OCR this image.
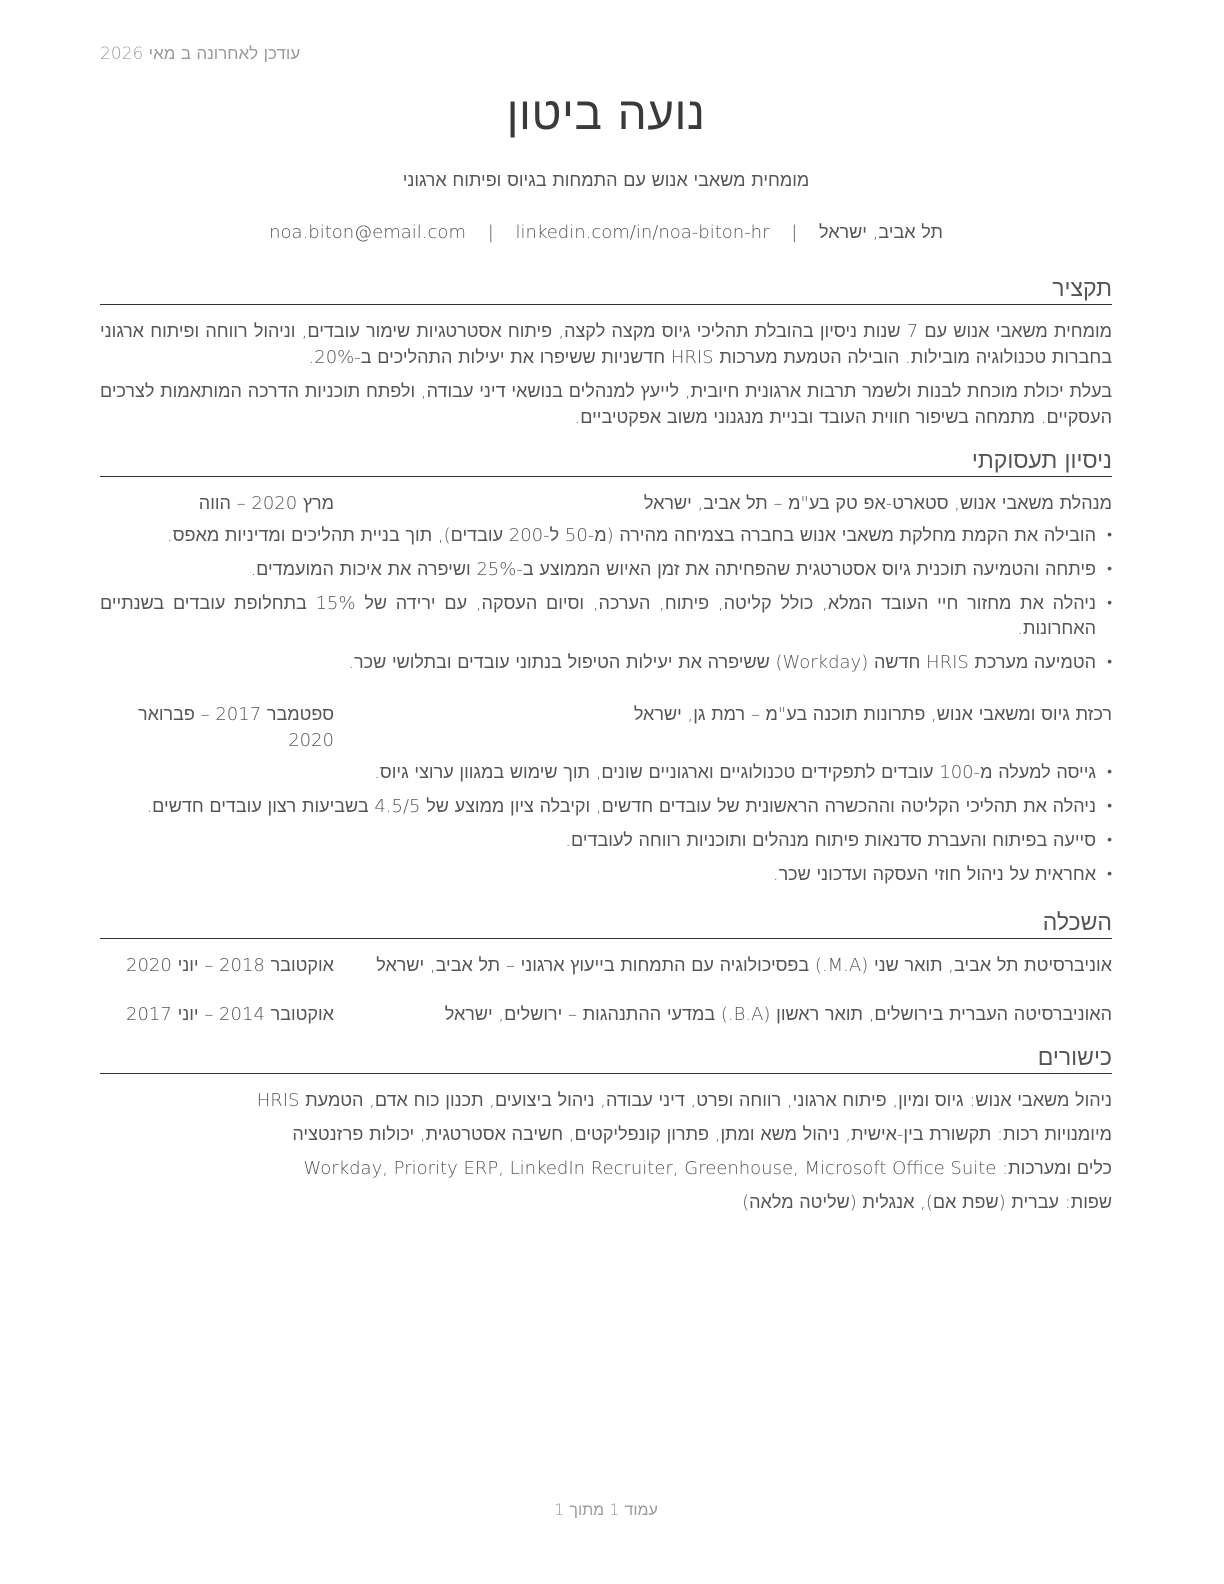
עודכן לאחרונה ב מאי 2026
נועה ביטון
מומחית משאבי אנוש עם התמחות בגיוס ופיתוח ארגוני
תל אביב, ישראל | noa.biton@email.com | linkedin.com/in/noa-biton-hr
תקציר
מומחית משאבי אנוש עם 7 שנות ניסיון בהובלת תהליכי גיוס מקצה לקצה, פיתוח אסטרטגיות שימור עובדים, וניהול רווחה ופיתוח ארגוני בחברות טכנולוגיה מובילות. הובילה הטמעת מערכות HRIS חדשניות ששיפרו את יעילות התהליכים ב-20%.
בעלת יכולת מוכחת לבנות ולשמר תרבות ארגונית חיובית, לייעץ למנהלים בנושאי דיני עבודה, ולפתח תוכניות הדרכה המותאמות לצרכים העסקיים. מתמחה בשיפור חווית העובד ובניית מנגנוני משוב אפקטיביים.
ניסיון תעסוקתי
מנהלת משאבי אנוש, סטארט-אפ טק בע"מ – תל אביב, ישראל
מרץ 2020 – הווה
• הובילה את הקמת מחלקת משאבי אנוש בחברה בצמיחה מהירה (מ-50 ל-200 עובדים), תוך בניית תהליכים ומדיניות מאפס.
• פיתחה והטמיעה תוכנית גיוס אסטרטגית שהפחיתה את זמן האיוש הממוצע ב-25% ושיפרה את איכות המועמדים.
• ניהלה את מחזור חיי העובד המלא, כולל קליטה, פיתוח, הערכה, וסיום העסקה, עם ירידה של 15% בתחלופת עובדים בשנתיים האחרונות.
• הטמיעה מערכת HRIS חדשה (Workday) ששיפרה את יעילות הטיפול בנתוני עובדים ובתלושי שכר.
רכזת גיוס ומשאבי אנוש, פתרונות תוכנה בע"מ – רמת גן, ישראל
ספטמבר 2017 – פברואר 2020
• גייסה למעלה מ-100 עובדים לתפקידים טכנולוגיים וארגוניים שונים, תוך שימוש במגוון ערוצי גיוס.
• ניהלה את תהליכי הקליטה וההכשרה הראשונית של עובדים חדשים, וקיבלה ציון ממוצע של 4.5/5 בשביעות רצון עובדים חדשים.
• סייעה בפיתוח והעברת סדנאות פיתוח מנהלים ותוכניות רווחה לעובדים.
• אחראית על ניהול חוזי העסקה ועדכוני שכר.
השכלה
אוניברסיטת תל אביב, תואר שני (M.A.) בפסיכולוגיה עם התמחות בייעוץ ארגוני – תל אביב, ישראל
אוקטובר 2018 – יוני 2020
האוניברסיטה העברית בירושלים, תואר ראשון (B.A.) במדעי ההתנהגות – ירושלים, ישראל
אוקטובר 2014 – יוני 2017
כישורים
ניהול משאבי אנוש: גיוס ומיון, פיתוח ארגוני, רווחה ופרט, דיני עבודה, ניהול ביצועים, תכנון כוח אדם, הטמעת HRIS
מיומנויות רכות: תקשורת בין-אישית, ניהול משא ומתן, פתרון קונפליקטים, חשיבה אסטרטגית, יכולות פרזנטציה
כלים ומערכות: Workday, Priority ERP, LinkedIn Recruiter, Greenhouse, Microsoft Office Suite
שפות: עברית (שפת אם), אנגלית (שליטה מלאה)
עמוד 1 מתוך 1
